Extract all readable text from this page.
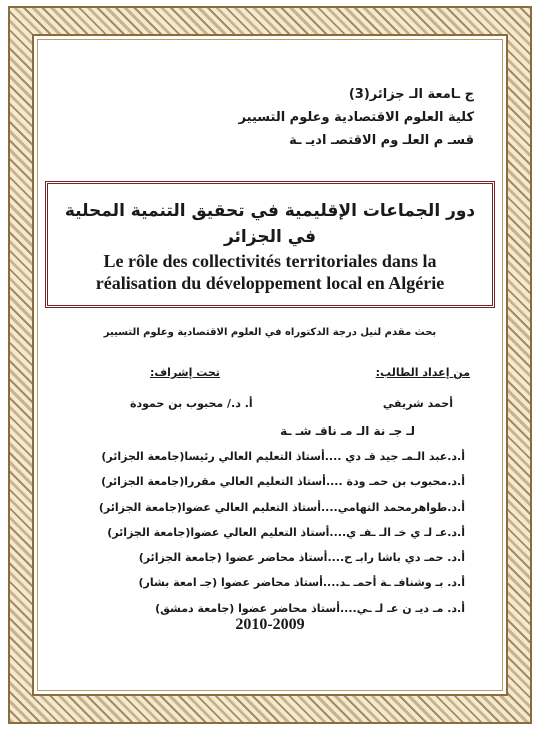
ج ـامعة الـ جزائر(3)
كلية العلوم الاقتصادية وعلوم التسيير
قسـ م العلـ وم الاقتصـ اديـ ـة
دور الجماعات الإقليمية في تحقيق التنمية المحلية في الجزائر
Le rôle des collectivités territoriales dans la
réalisation du développement local en Algérie
بحث مقدم لنيل درجة الدكتوراه في العلوم الاقتصادية وعلوم التسيير
من إعداد الطالب:
تحت إشراف:
أحمد شريفي
أ. د./ محبوب بن حمودة
لـ جـ نة الـ مـ ناقـ شـ ـة
أ.د.عبد الـمـ جيد قـ دي ....أستاذ التعليم العالي رئيسا(جامعة الجزائر)
أ.د.محبوب بن حمـ ودة ....أستاذ التعليم العالي مقررا(جامعة الجزائر)
أ.د.طواهرمحمد التهامي....أستاذ التعليم العالي عضوا(جامعة الجزائر)
أ.د.عـ لـ ي خـ الـ ـفـ ي....أستاذ التعليم العالي عضوا(جامعة الجزائر)
أ.د. حمـ دي باشا رابـ ح....أستاذ محاضر عضوا (جامعة الجزائر)
أ.د. بـ وشنافـ ـة أحمـ ـد....أستاذ محاضر عضوا (جـ امعة بشار)
أ.د. مـ ديـ ن عـ لـ ـي....أستاذ محاضر عضوا (جامعة دمشق)
2010-2009
